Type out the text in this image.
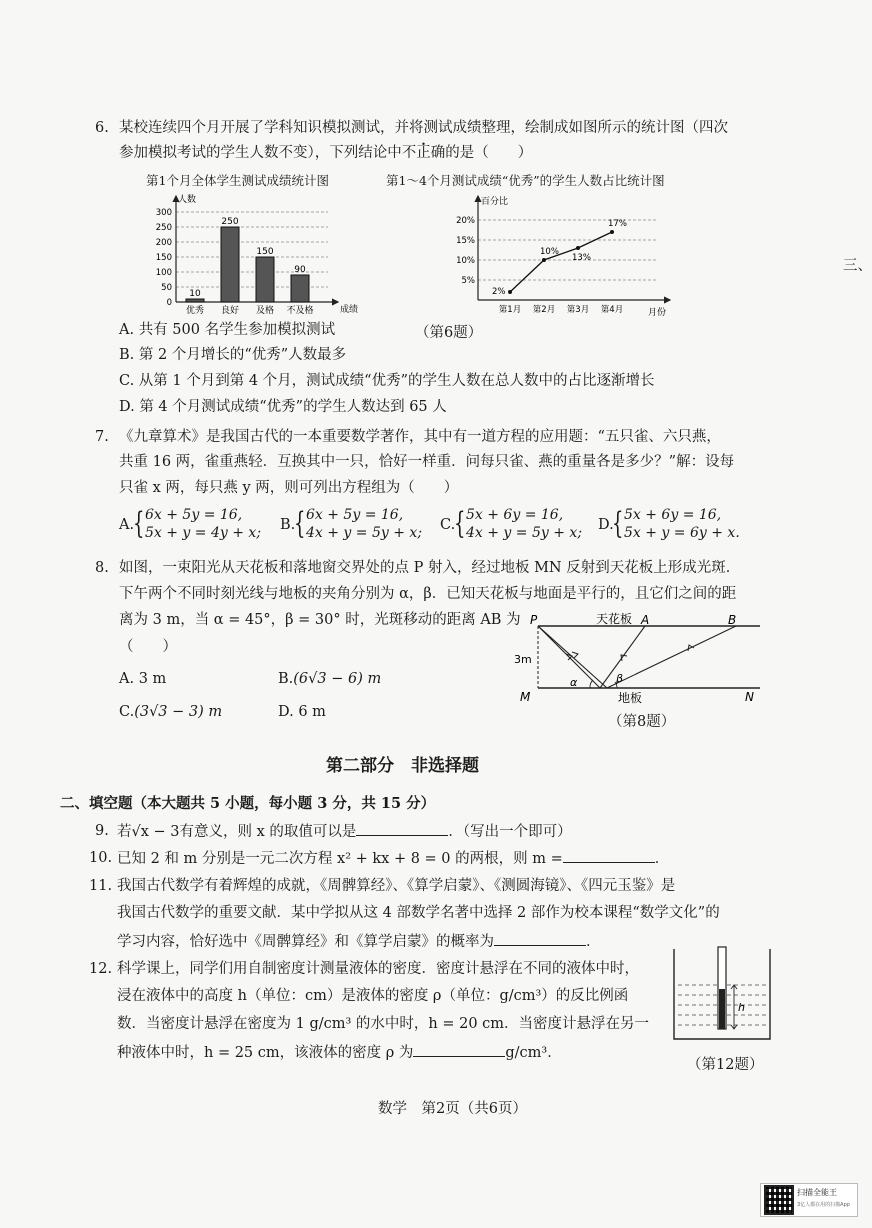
三、
6. 某校连续四个月开展了学科知识模拟测试，并将测试成绩整理，绘制成如图所示的统计图（四次
参加模拟考试的学生人数不变），下列结论中不正确的是（　　）
第1个月全体学生测试成绩统计图	第1～4个月测试成绩“优秀”的学生人数占比统计图
0
50
100
150
200
250
300
人数
成绩
10
优秀
250
良好
150
及格
90
不及格
5%
10%
15%
20%
百分比
月份
2%
第1月
10%
第2月
13%
第3月
17%
第4月
A. 共有 500 名学生参加模拟测试	（第6题）
B. 第 2 个月增长的“优秀”人数最多
C. 从第 1 个月到第 4 个月，测试成绩“优秀”的学生人数在总人数中的占比逐渐增长
D. 第 4 个月测试成绩“优秀”的学生人数达到 65 人
7. 《九章算术》是我国古代的一本重要数学著作，其中有一道方程的应用题：“五只雀、六只燕，
共重 16 两，雀重燕轻．互换其中一只，恰好一样重．问每只雀、燕的重量各是多少？”解：设每
只雀 x 两，每只燕 y 两，则可列出方程组为（　　）
A.
{ 6x + 5y = 16,
5x + y = 4y + x; B.
{ 6x + 5y = 16,
4x + y = 5y + x; C.
{ 5x + 6y = 16,
4x + y = 5y + x; D.
{ 5x + 6y = 16,
5x + y = 6y + x.
8. 如图，一束阳光从天花板和落地窗交界处的点 P 射入，经过地板 MN 反射到天花板上形成光斑．
下午两个不同时刻光线与地板的夹角分别为 α，β．已知天花板与地面是平行的，且它们之间的距
离为 3 m，当 α = 45°，β = 30° 时，光斑移动的距离 AB 为
（　　）
A. 3 m	B.(6√3 − 6) m
C.(3√3 − 3) m	D. 6 m
P	A	B
M	N
天花板
地板
3m
α	β
（第8题）
第二部分　非选择题
二、填空题（本大题共 5 小题，每小题 3 分，共 15 分）
9. 若√x − 3有意义，则 x 的取值可以是	．（写出一个即可）
10. 已知 2 和 m 分别是一元二次方程 x² + kx + 8 = 0 的两根，则 m =	．
11. 我国古代数学有着辉煌的成就，《周髀算经》、《算学启蒙》、《测圆海镜》、《四元玉鉴》是
我国古代数学的重要文献．某中学拟从这 4 部数学名著中选择 2 部作为校本课程“数学文化”的
学习内容，恰好选中《周髀算经》和《算学启蒙》的概率为	．
12. 科学课上，同学们用自制密度计测量液体的密度．密度计悬浮在不同的液体中时，
浸在液体中的高度 h（单位：cm）是液体的密度 ρ（单位：g/cm³）的反比例函
数．当密度计悬浮在密度为 1 g/cm³ 的水中时，h = 20 cm．当密度计悬浮在另一
种液体中时，h = 25 cm，该液体的密度 ρ 为	g/cm³．
h
（第12题）
数学　第2页（共6页）
扫描全能王
3亿人都在用的扫描App
